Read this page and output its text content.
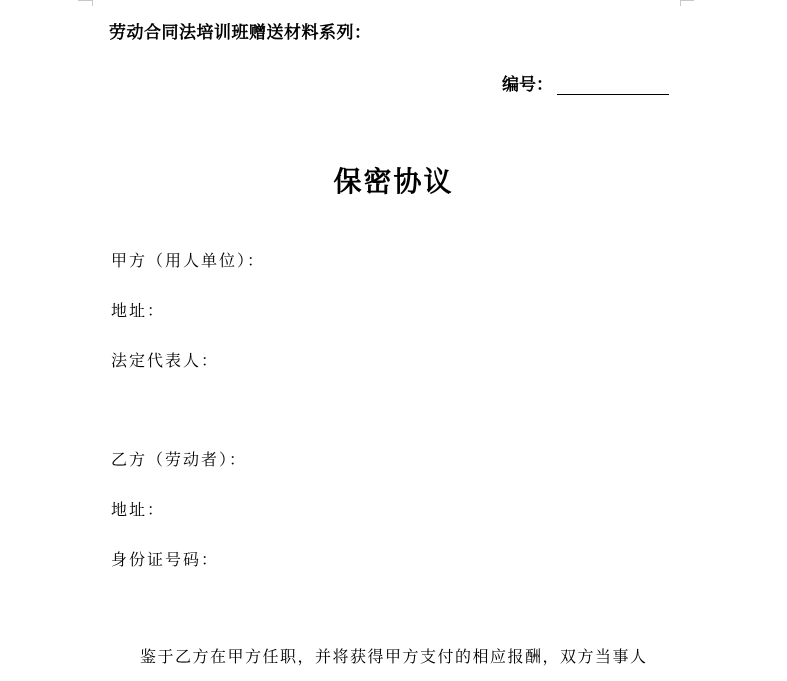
劳动合同法培训班赠送材料系列：
编号：
保密协议
甲方（用人单位）：
地址：
法定代表人：
乙方（劳动者）：
地址：
身份证号码：
鉴于乙方在甲方任职，并将获得甲方支付的相应报酬，双方当事人
